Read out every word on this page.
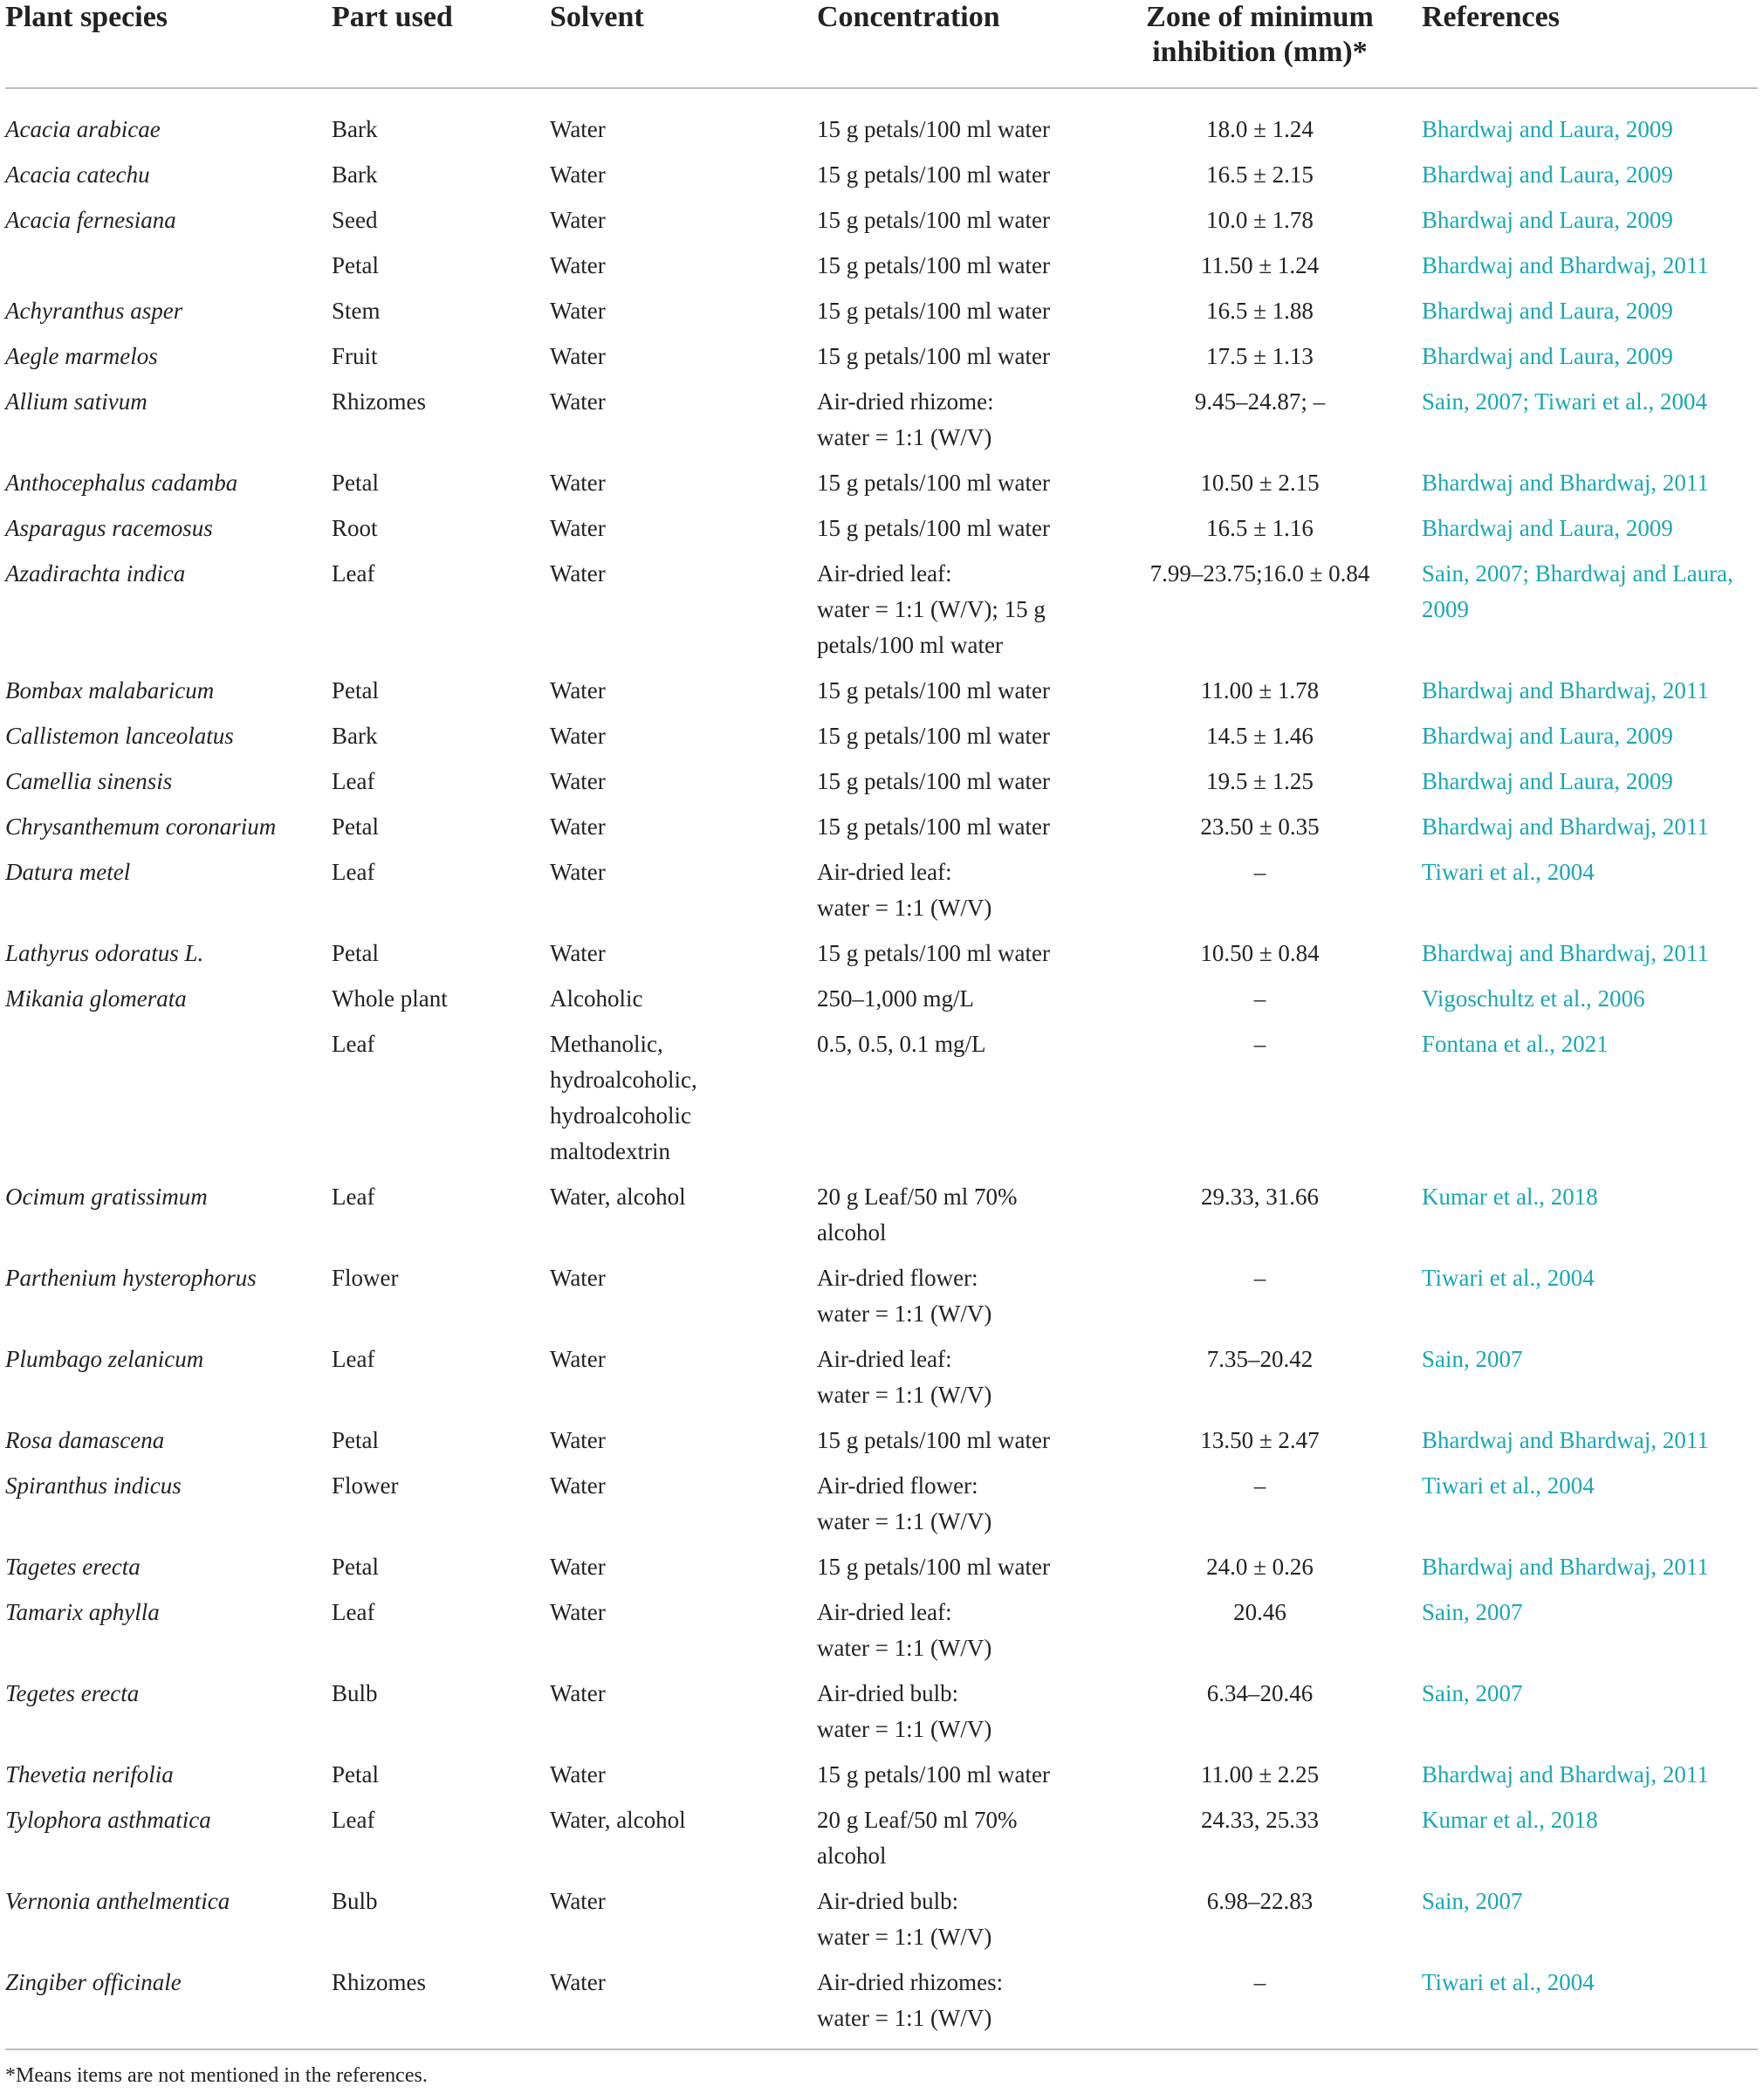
Plant species	Part used	Solvent	Concentration	Zone of minimum
inhibition (mm)*	References
Acacia arabicae	Bark	Water	15 g petals/100 ml water	18.0 ± 1.24	Bhardwaj and Laura, 2009
Acacia catechu	Bark	Water	15 g petals/100 ml water	16.5 ± 2.15	Bhardwaj and Laura, 2009
Acacia fernesiana	Seed	Water	15 g petals/100 ml water	10.0 ± 1.78	Bhardwaj and Laura, 2009
	Petal	Water	15 g petals/100 ml water	11.50 ± 1.24	Bhardwaj and Bhardwaj, 2011
Achyranthus asper	Stem	Water	15 g petals/100 ml water	16.5 ± 1.88	Bhardwaj and Laura, 2009
Aegle marmelos	Fruit	Water	15 g petals/100 ml water	17.5 ± 1.13	Bhardwaj and Laura, 2009
Allium sativum	Rhizomes	Water	Air-dried rhizome:
water = 1:1 (W/V)	9.45–24.87; –	Sain, 2007; Tiwari et al., 2004
Anthocephalus cadamba	Petal	Water	15 g petals/100 ml water	10.50 ± 2.15	Bhardwaj and Bhardwaj, 2011
Asparagus racemosus	Root	Water	15 g petals/100 ml water	16.5 ± 1.16	Bhardwaj and Laura, 2009
Azadirachta indica	Leaf	Water	Air-dried leaf:
water = 1:1 (W/V); 15 g
petals/100 ml water	7.99–23.75;16.0 ± 0.84	Sain, 2007; Bhardwaj and Laura, 2009
Bombax malabaricum	Petal	Water	15 g petals/100 ml water	11.00 ± 1.78	Bhardwaj and Bhardwaj, 2011
Callistemon lanceolatus	Bark	Water	15 g petals/100 ml water	14.5 ± 1.46	Bhardwaj and Laura, 2009
Camellia sinensis	Leaf	Water	15 g petals/100 ml water	19.5 ± 1.25	Bhardwaj and Laura, 2009
Chrysanthemum coronarium	Petal	Water	15 g petals/100 ml water	23.50 ± 0.35	Bhardwaj and Bhardwaj, 2011
Datura metel	Leaf	Water	Air-dried leaf:
water = 1:1 (W/V)	–	Tiwari et al., 2004
Lathyrus odoratus L.	Petal	Water	15 g petals/100 ml water	10.50 ± 0.84	Bhardwaj and Bhardwaj, 2011
Mikania glomerata	Whole plant	Alcoholic	250–1,000 mg/L	–	Vigoschultz et al., 2006
	Leaf	Methanolic, hydroalcoholic, hydroalcoholic maltodextrin	0.5, 0.5, 0.1 mg/L	–	Fontana et al., 2021
Ocimum gratissimum	Leaf	Water, alcohol	20 g Leaf/50 ml 70%
alcohol	29.33, 31.66	Kumar et al., 2018
Parthenium hysterophorus	Flower	Water	Air-dried flower:
water = 1:1 (W/V)	–	Tiwari et al., 2004
Plumbago zelanicum	Leaf	Water	Air-dried leaf:
water = 1:1 (W/V)	7.35–20.42	Sain, 2007
Rosa damascena	Petal	Water	15 g petals/100 ml water	13.50 ± 2.47	Bhardwaj and Bhardwaj, 2011
Spiranthus indicus	Flower	Water	Air-dried flower:
water = 1:1 (W/V)	–	Tiwari et al., 2004
Tagetes erecta	Petal	Water	15 g petals/100 ml water	24.0 ± 0.26	Bhardwaj and Bhardwaj, 2011
Tamarix aphylla	Leaf	Water	Air-dried leaf:
water = 1:1 (W/V)	20.46	Sain, 2007
Tegetes erecta	Bulb	Water	Air-dried bulb:
water = 1:1 (W/V)	6.34–20.46	Sain, 2007
Thevetia nerifolia	Petal	Water	15 g petals/100 ml water	11.00 ± 2.25	Bhardwaj and Bhardwaj, 2011
Tylophora asthmatica	Leaf	Water, alcohol	20 g Leaf/50 ml 70%
alcohol	24.33, 25.33	Kumar et al., 2018
Vernonia anthelmentica	Bulb	Water	Air-dried bulb:
water = 1:1 (W/V)	6.98–22.83	Sain, 2007
Zingiber officinale	Rhizomes	Water	Air-dried rhizomes:
water = 1:1 (W/V)	–	Tiwari et al., 2004
*Means items are not mentioned in the references.
